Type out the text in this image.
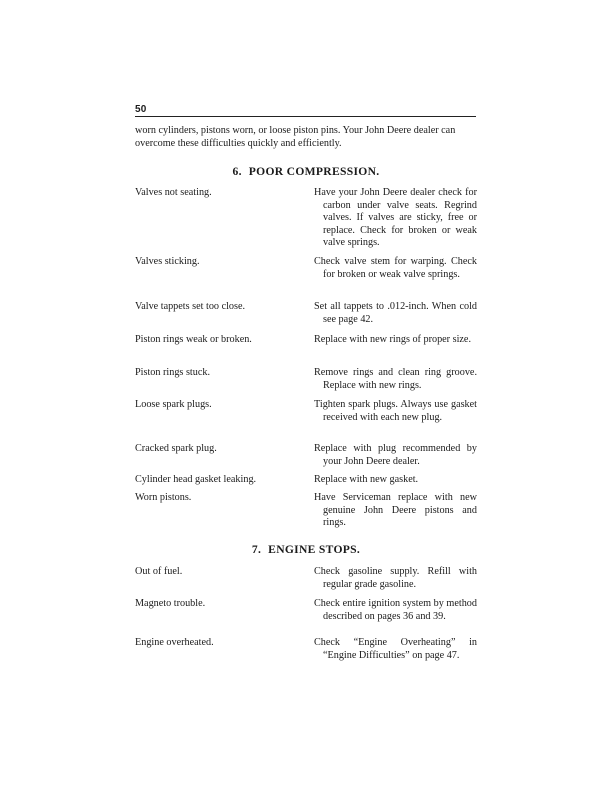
50

worn cylinders, pistons worn, or loose piston pins. Your John Deere dealer can overcome these difficulties quickly and efficiently.

6. POOR COMPRESSION.
Valves not seating.	Have your John Deere dealer check for carbon under valve seats. Regrind valves. If valves are sticky, free or replace. Check for broken or weak valve springs.
Valves sticking.	Check valve stem for warping. Check for broken or weak valve springs.
Valve tappets set too close.	Set all tappets to .012-inch. When cold see page 42.
Piston rings weak or broken.	Replace with new rings of proper size.
Piston rings stuck.	Remove rings and clean ring groove. Replace with new rings.
Loose spark plugs.	Tighten spark plugs. Always use gasket received with each new plug.
Cracked spark plug.	Replace with plug recommended by your John Deere dealer.
Cylinder head gasket leaking.	Replace with new gasket.
Worn pistons.	Have Serviceman replace with new genuine John Deere pistons and rings.
7. ENGINE STOPS.
Out of fuel.	Check gasoline supply. Refill with regular grade gasoline.
Magneto trouble.	Check entire ignition system by method described on pages 36 and 39.
Engine overheated.	Check “Engine Overheating” in “Engine Difficulties” on page 47.
